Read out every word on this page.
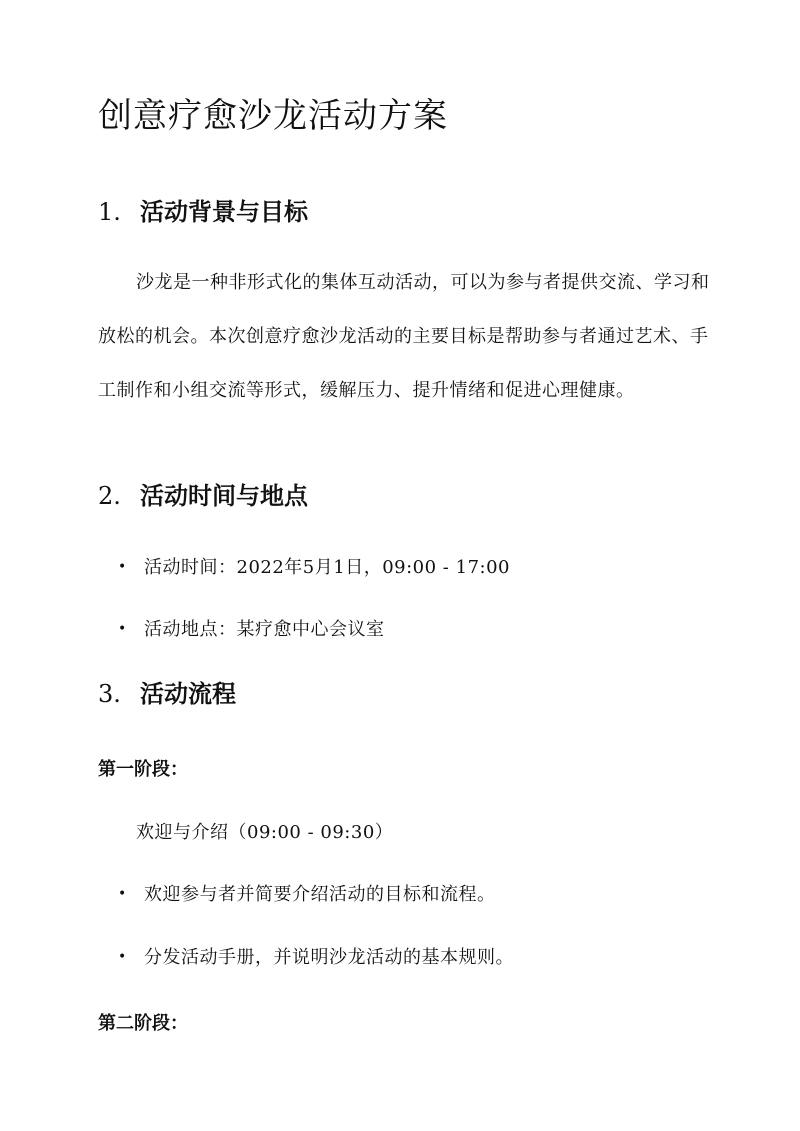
创意疗愈沙龙活动方案
1. 活动背景与目标

沙龙是一种非形式化的集体互动活动，可以为参与者提供交流、学习和放松的机会。本次创意疗愈沙龙活动的主要目标是帮助参与者通过艺术、手工制作和小组交流等形式，缓解压力、提升情绪和促进心理健康。

2. 活动时间与地点

• 活动时间：2022年5月1日，09:00 - 17:00

• 活动地点：某疗愈中心会议室

3. 活动流程

第一阶段：

欢迎与介绍（09:00 - 09:30）

• 欢迎参与者并简要介绍活动的目标和流程。

• 分发活动手册，并说明沙龙活动的基本规则。

第二阶段：
